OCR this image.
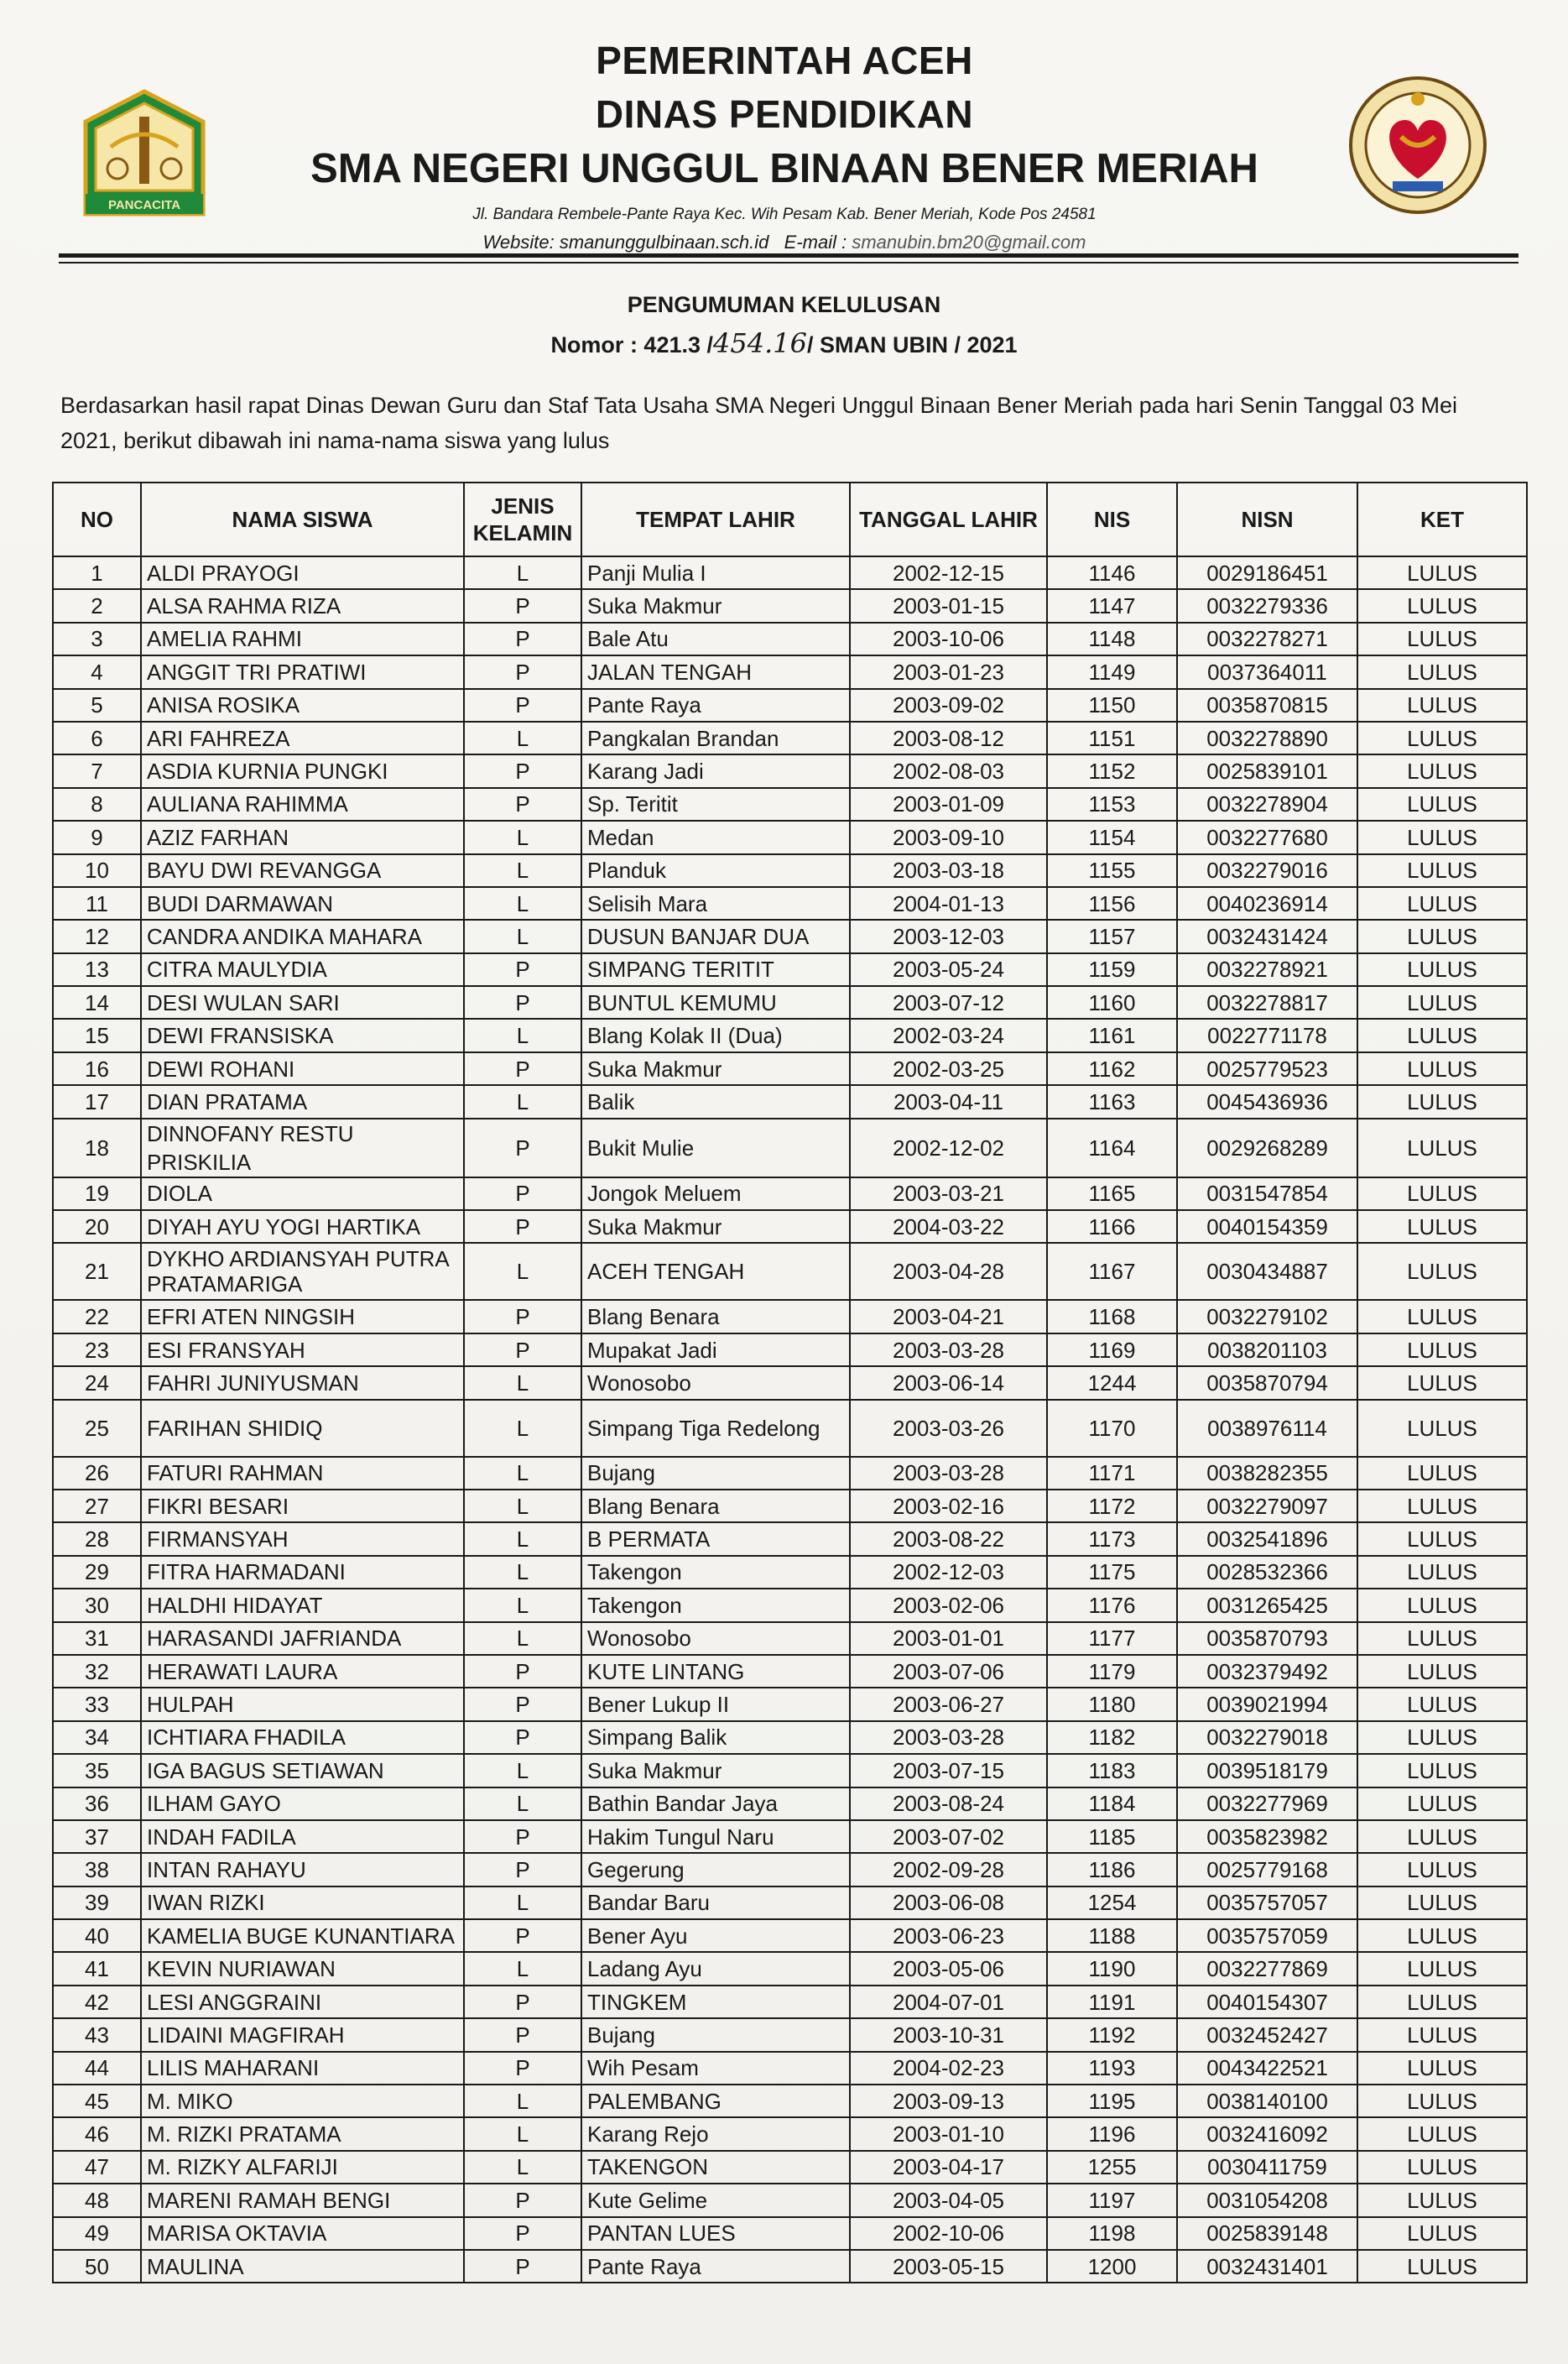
PANCACITA
PEMERINTAH ACEH
DINAS PENDIDIKAN
SMA NEGERI UNGGUL BINAAN BENER MERIAH
Jl. Bandara Rembele-Pante Raya Kec. Wih Pesam Kab. Bener Meriah, Kode Pos 24581
Website: smanunggulbinaan.sch.id E-mail : smanubin.bm20@gmail.com
PENGUMUMAN KELULUSAN
Nomor : 421.3 /454.16/ SMAN UBIN / 2021
Berdasarkan hasil rapat Dinas Dewan Guru dan Staf Tata Usaha SMA Negeri Unggul Binaan Bener Meriah pada hari Senin Tanggal 03 Mei 2021, berikut dibawah ini nama-nama siswa yang lulus
NO	NAMA SISWA	JENIS KELAMIN	TEMPAT LAHIR	TANGGAL LAHIR	NIS	NISN	KET
1	ALDI PRAYOGI	L	Panji Mulia I	2002-12-15	1146	0029186451	LULUS
2	ALSA RAHMA RIZA	P	Suka Makmur	2003-01-15	1147	0032279336	LULUS
3	AMELIA RAHMI	P	Bale Atu	2003-10-06	1148	0032278271	LULUS
4	ANGGIT TRI PRATIWI	P	JALAN TENGAH	2003-01-23	1149	0037364011	LULUS
5	ANISA ROSIKA	P	Pante Raya	2003-09-02	1150	0035870815	LULUS
6	ARI FAHREZA	L	Pangkalan Brandan	2003-08-12	1151	0032278890	LULUS
7	ASDIA KURNIA PUNGKI	P	Karang Jadi	2002-08-03	1152	0025839101	LULUS
8	AULIANA RAHIMMA	P	Sp. Teritit	2003-01-09	1153	0032278904	LULUS
9	AZIZ FARHAN	L	Medan	2003-09-10	1154	0032277680	LULUS
10	BAYU DWI REVANGGA	L	Planduk	2003-03-18	1155	0032279016	LULUS
11	BUDI DARMAWAN	L	Selisih Mara	2004-01-13	1156	0040236914	LULUS
12	CANDRA ANDIKA MAHARA	L	DUSUN BANJAR DUA	2003-12-03	1157	0032431424	LULUS
13	CITRA MAULYDIA	P	SIMPANG TERITIT	2003-05-24	1159	0032278921	LULUS
14	DESI WULAN SARI	P	BUNTUL KEMUMU	2003-07-12	1160	0032278817	LULUS
15	DEWI FRANSISKA	L	Blang Kolak II (Dua)	2002-03-24	1161	0022771178	LULUS
16	DEWI ROHANI	P	Suka Makmur	2002-03-25	1162	0025779523	LULUS
17	DIAN PRATAMA	L	Balik	2003-04-11	1163	0045436936	LULUS
18	DINNOFANY RESTU PRISKILIA	P	Bukit Mulie	2002-12-02	1164	0029268289	LULUS
19	DIOLA	P	Jongok Meluem	2003-03-21	1165	0031547854	LULUS
20	DIYAH AYU YOGI HARTIKA	P	Suka Makmur	2004-03-22	1166	0040154359	LULUS
21	DYKHO ARDIANSYAH PUTRA PRATAMARIGA	L	ACEH TENGAH	2003-04-28	1167	0030434887	LULUS
22	EFRI ATEN NINGSIH	P	Blang Benara	2003-04-21	1168	0032279102	LULUS
23	ESI FRANSYAH	P	Mupakat Jadi	2003-03-28	1169	0038201103	LULUS
24	FAHRI JUNIYUSMAN	L	Wonosobo	2003-06-14	1244	0035870794	LULUS
25	FARIHAN SHIDIQ	L	Simpang Tiga Redelong	2003-03-26	1170	0038976114	LULUS
26	FATURI RAHMAN	L	Bujang	2003-03-28	1171	0038282355	LULUS
27	FIKRI BESARI	L	Blang Benara	2003-02-16	1172	0032279097	LULUS
28	FIRMANSYAH	L	B PERMATA	2003-08-22	1173	0032541896	LULUS
29	FITRA HARMADANI	L	Takengon	2002-12-03	1175	0028532366	LULUS
30	HALDHI HIDAYAT	L	Takengon	2003-02-06	1176	0031265425	LULUS
31	HARASANDI JAFRIANDA	L	Wonosobo	2003-01-01	1177	0035870793	LULUS
32	HERAWATI LAURA	P	KUTE LINTANG	2003-07-06	1179	0032379492	LULUS
33	HULPAH	P	Bener Lukup II	2003-06-27	1180	0039021994	LULUS
34	ICHTIARA FHADILA	P	Simpang Balik	2003-03-28	1182	0032279018	LULUS
35	IGA BAGUS SETIAWAN	L	Suka Makmur	2003-07-15	1183	0039518179	LULUS
36	ILHAM GAYO	L	Bathin Bandar Jaya	2003-08-24	1184	0032277969	LULUS
37	INDAH FADILA	P	Hakim Tungul Naru	2003-07-02	1185	0035823982	LULUS
38	INTAN RAHAYU	P	Gegerung	2002-09-28	1186	0025779168	LULUS
39	IWAN RIZKI	L	Bandar Baru	2003-06-08	1254	0035757057	LULUS
40	KAMELIA BUGE KUNANTIARA	P	Bener Ayu	2003-06-23	1188	0035757059	LULUS
41	KEVIN NURIAWAN	L	Ladang Ayu	2003-05-06	1190	0032277869	LULUS
42	LESI ANGGRAINI	P	TINGKEM	2004-07-01	1191	0040154307	LULUS
43	LIDAINI MAGFIRAH	P	Bujang	2003-10-31	1192	0032452427	LULUS
44	LILIS MAHARANI	P	Wih Pesam	2004-02-23	1193	0043422521	LULUS
45	M. MIKO	L	PALEMBANG	2003-09-13	1195	0038140100	LULUS
46	M. RIZKI PRATAMA	L	Karang Rejo	2003-01-10	1196	0032416092	LULUS
47	M. RIZKY ALFARIJI	L	TAKENGON	2003-04-17	1255	0030411759	LULUS
48	MARENI RAMAH BENGI	P	Kute Gelime	2003-04-05	1197	0031054208	LULUS
49	MARISA OKTAVIA	P	PANTAN LUES	2002-10-06	1198	0025839148	LULUS
50	MAULINA	P	Pante Raya	2003-05-15	1200	0032431401	LULUS
